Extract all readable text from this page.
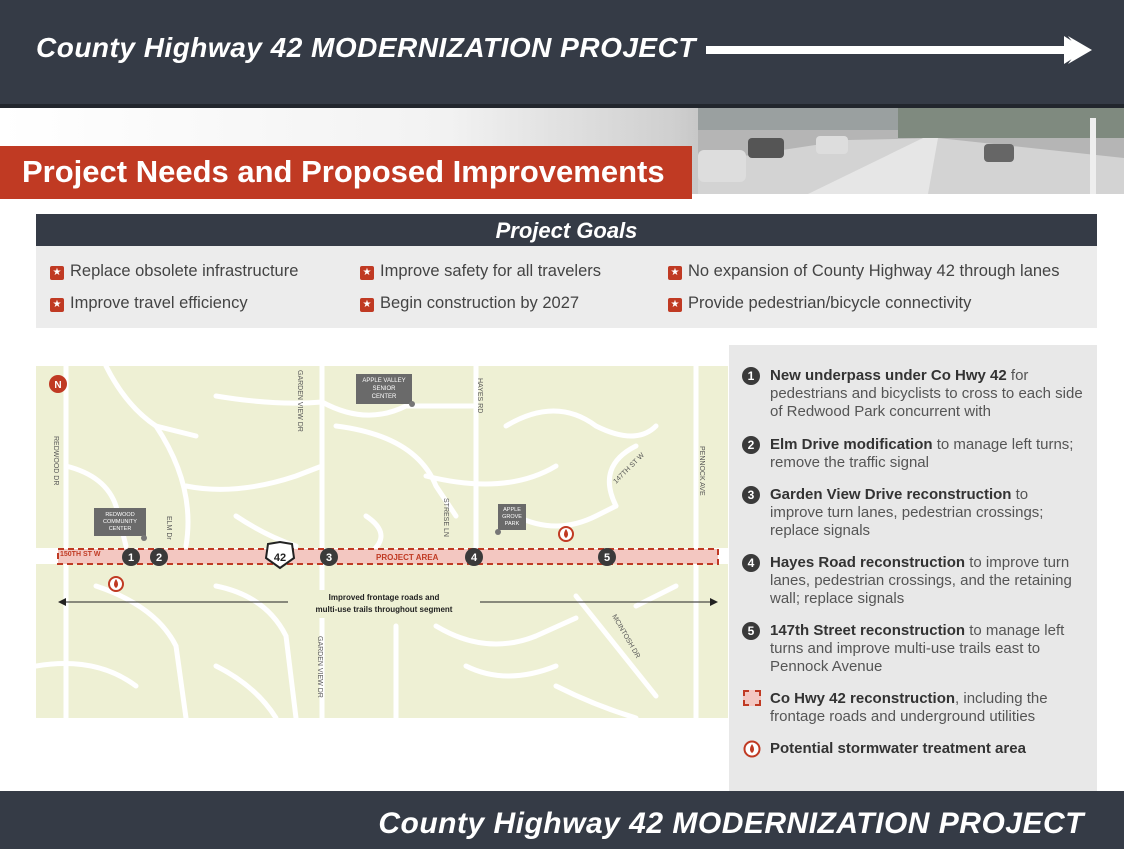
County Highway 42 MODERNIZATION PROJECT
Project Needs and Proposed Improvements
Project Goals
★ Replace obsolete infrastructure	★ Improve safety for all travelers	★ No expansion of County Highway 42 through lanes
★ Improve travel efficiency	★ Begin construction by 2027	★ Provide pedestrian/bicycle connectivity
150TH ST W	PROJECT AREA
N
REDWOOD DR
GARDEN VIEW DR
GARDEN VIEW DR
HAYES RD
STRESE LN
ELM Dr
147TH ST W	PENNOCK AVE
MCINTOSH DR
APPLE VALLEY
SENIOR
CENTER
REDWOOD
COMMUNITY
CENTER
APPLE
GROVE
PARK
42
1 2	3	4	5
Improved frontage roads and
multi-use trails throughout segment
1	New underpass under Co Hwy 42 for pedestrians and bicyclists to cross to each side of Redwood Park concurrent with
2	Elm Drive modification to manage left turns; remove the traffic signal
3	Garden View Drive reconstruction to improve turn lanes, pedestrian crossings; replace signals
4	Hayes Road reconstruction to improve turn lanes, pedestrian crossings, and the retaining wall; replace signals
5	147th Street reconstruction to manage left turns and improve multi-use trails east to Pennock Avenue
Co Hwy 42 reconstruction, including the frontage roads and underground utilities
Potential stormwater treatment area
County Highway 42 MODERNIZATION PROJECT
